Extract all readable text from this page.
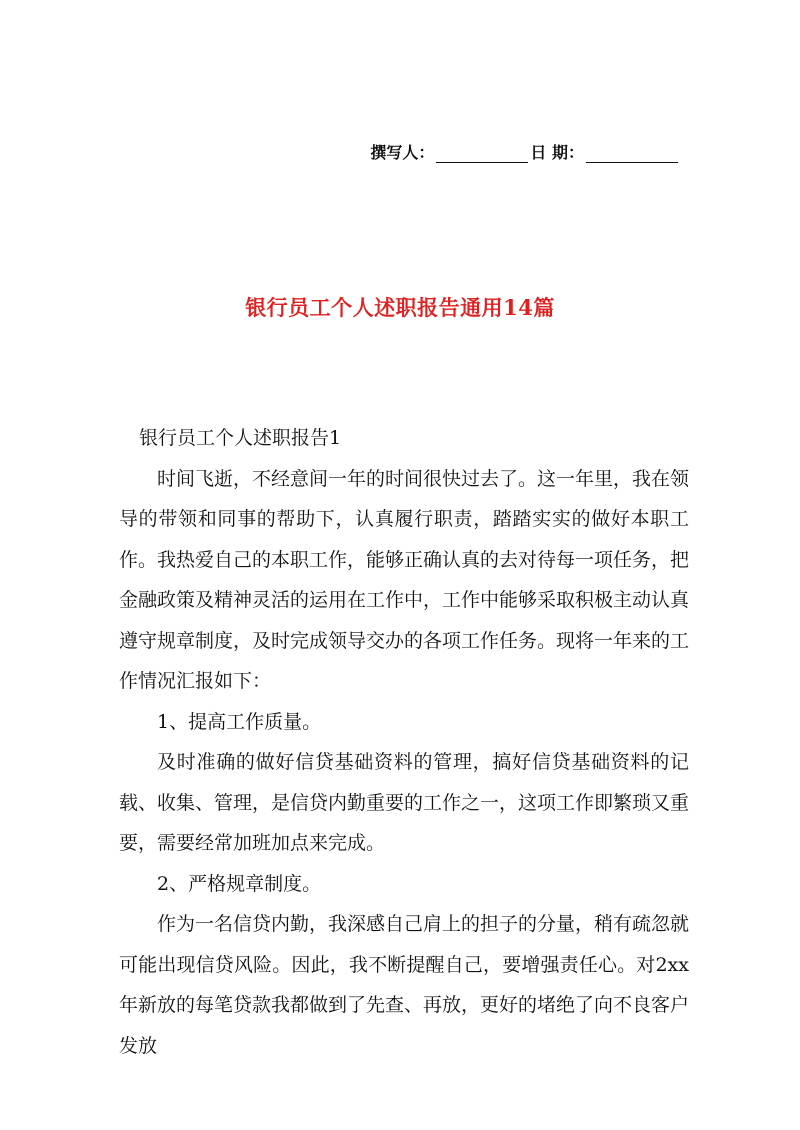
撰写人：	日 期：
银行员工个人述职报告通用14篇

银行员工个人述职报告1

时间飞逝，不经意间一年的时间很快过去了。这一年里，我在领导的带领和同事的帮助下，认真履行职责，踏踏实实的做好本职工作。我热爱自己的本职工作，能够正确认真的去对待每一项任务，把金融政策及精神灵活的运用在工作中，工作中能够采取积极主动认真遵守规章制度，及时完成领导交办的各项工作任务。现将一年来的工作情况汇报如下：

1、提高工作质量。

及时准确的做好信贷基础资料的管理，搞好信贷基础资料的记载、收集、管理，是信贷内勤重要的工作之一，这项工作即繁琐又重要，需要经常加班加点来完成。

2、严格规章制度。

作为一名信贷内勤，我深感自己肩上的担子的分量，稍有疏忽就可能出现信贷风险。因此，我不断提醒自己，要增强责任心。对2xx年新放的每笔贷款我都做到了先查、再放，更好的堵绝了向不良客户发放
